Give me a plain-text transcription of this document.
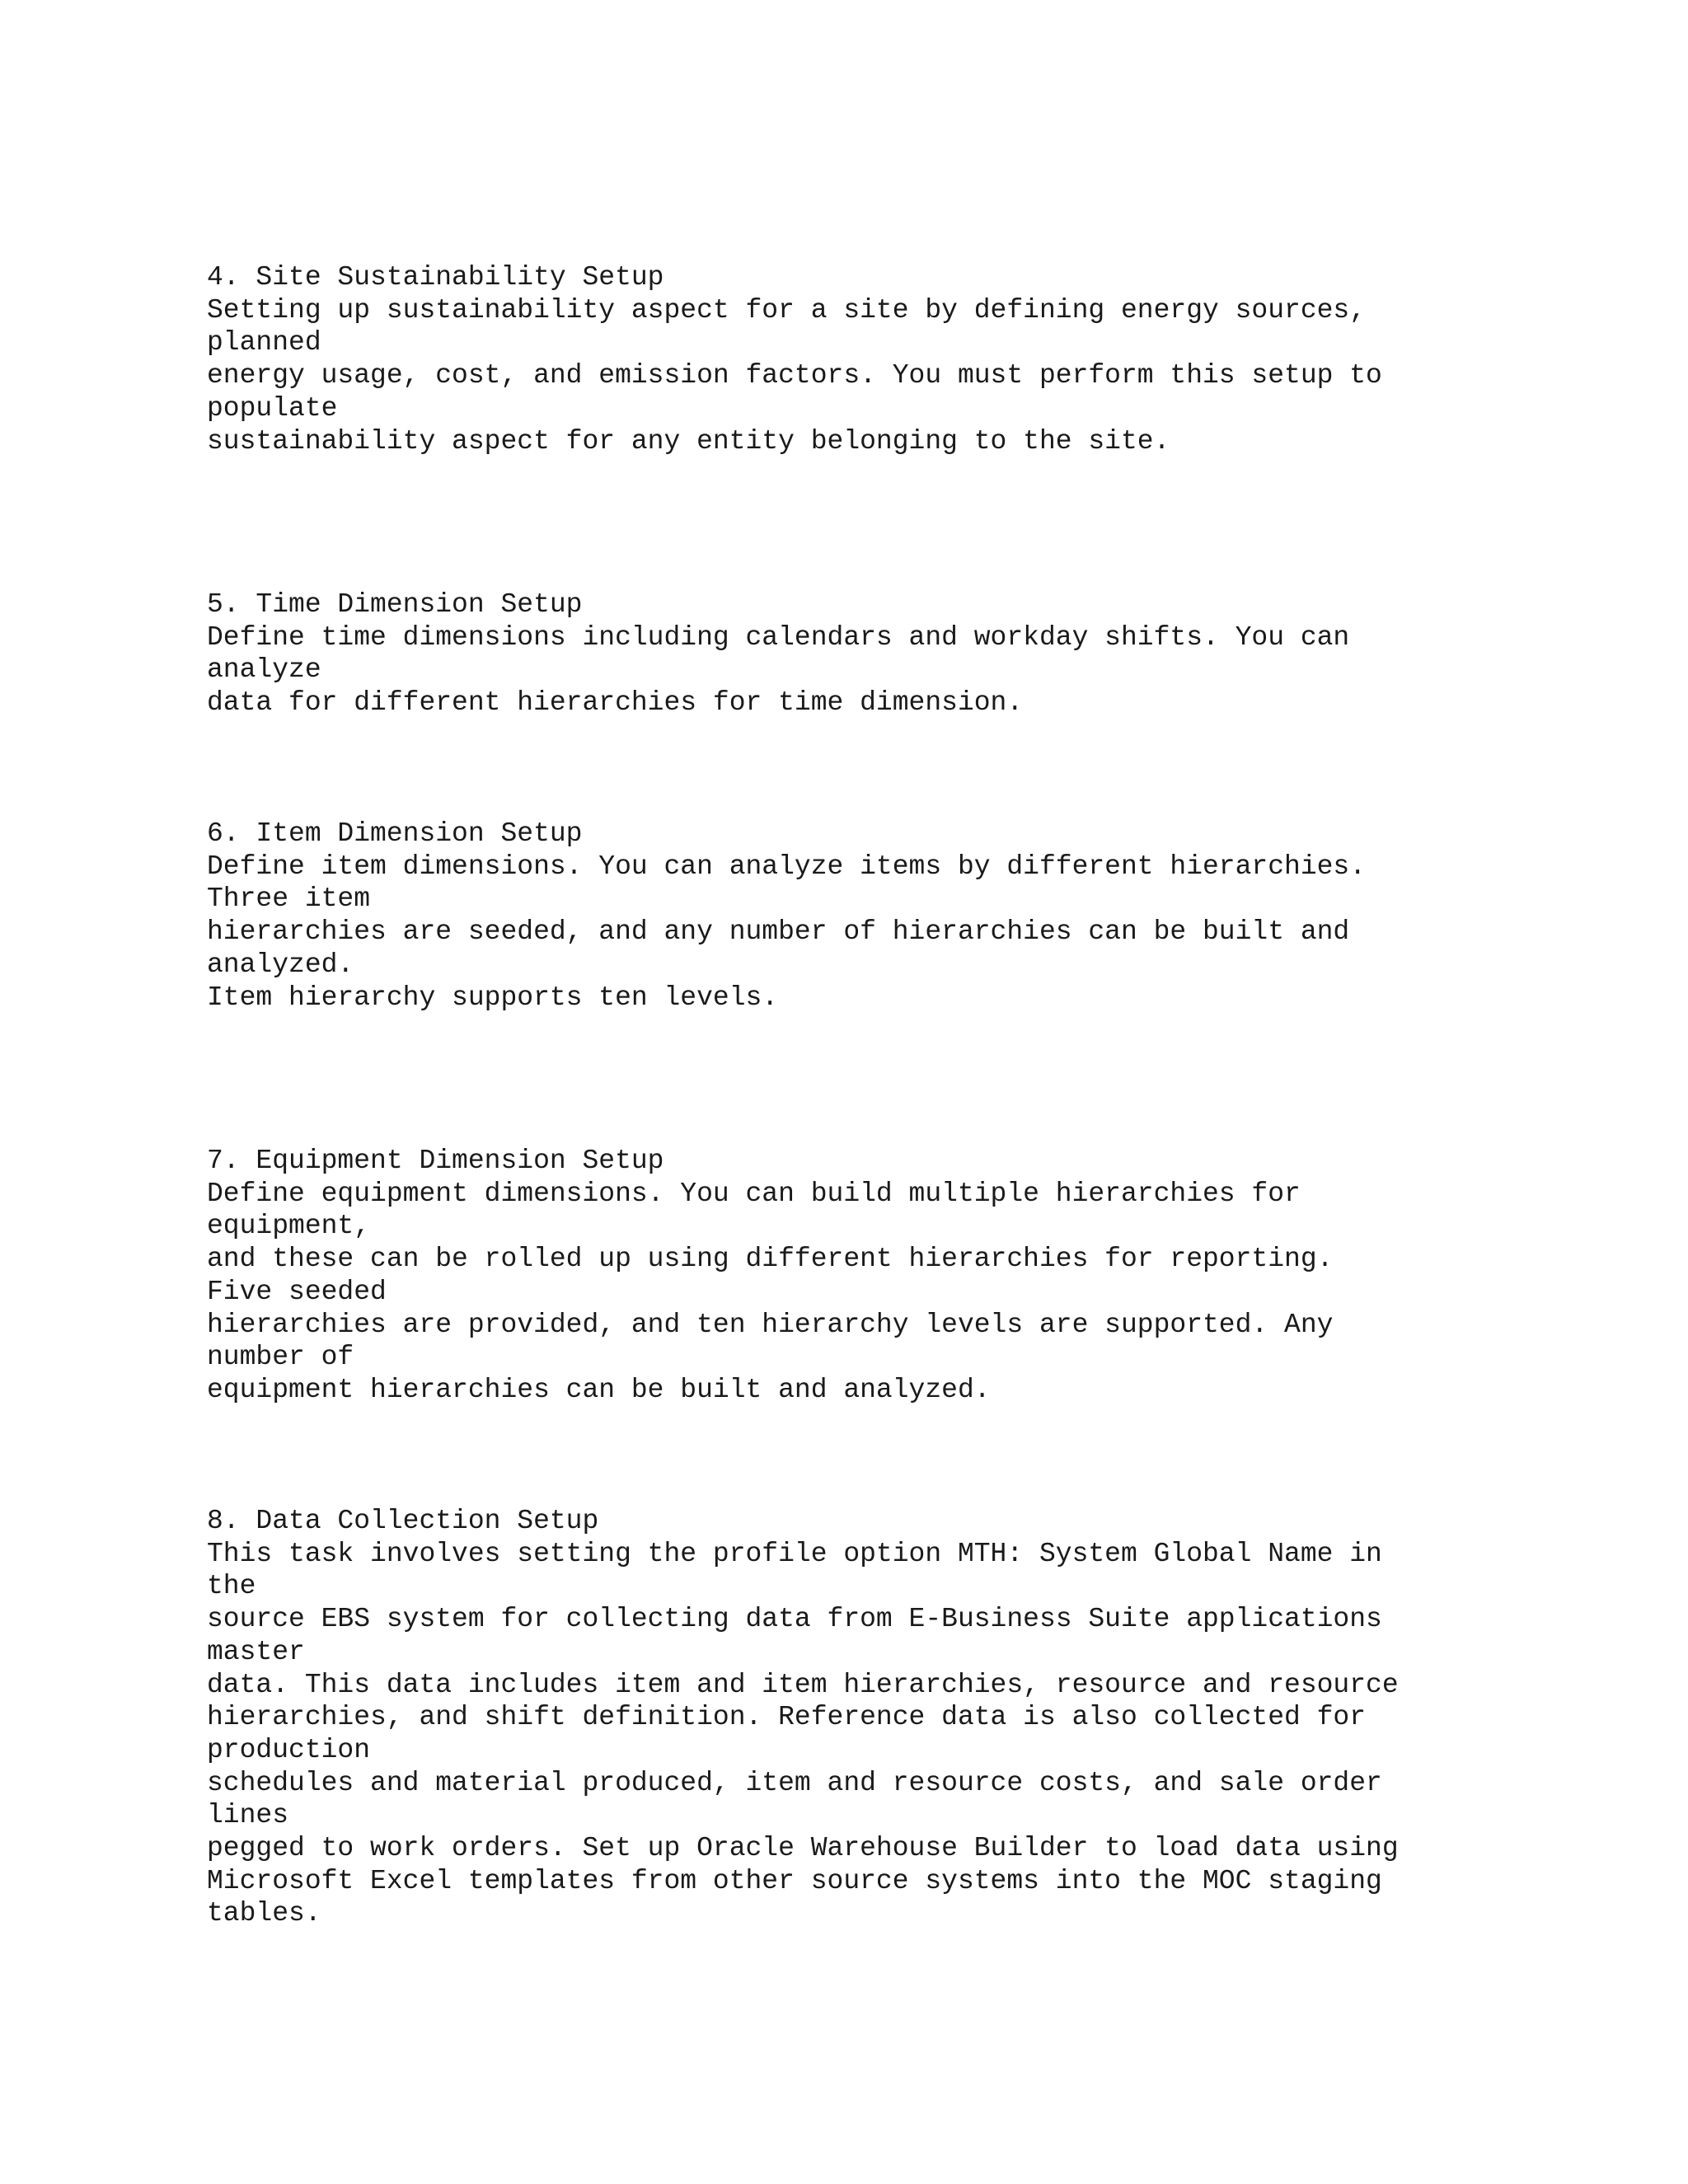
4. Site Sustainability Setup
Setting up sustainability aspect for a site by defining energy sources,
planned
energy usage, cost, and emission factors. You must perform this setup to
populate
sustainability aspect for any entity belonging to the site.
5. Time Dimension Setup
Define time dimensions including calendars and workday shifts. You can
analyze
data for different hierarchies for time dimension.
6. Item Dimension Setup
Define item dimensions. You can analyze items by different hierarchies.
Three item
hierarchies are seeded, and any number of hierarchies can be built and
analyzed.
Item hierarchy supports ten levels.
7. Equipment Dimension Setup
Define equipment dimensions. You can build multiple hierarchies for
equipment,
and these can be rolled up using different hierarchies for reporting.
Five seeded
hierarchies are provided, and ten hierarchy levels are supported. Any
number of
equipment hierarchies can be built and analyzed.
8. Data Collection Setup
This task involves setting the profile option MTH: System Global Name in
the
source EBS system for collecting data from E-Business Suite applications
master
data. This data includes item and item hierarchies, resource and resource
hierarchies, and shift definition. Reference data is also collected for
production
schedules and material produced, item and resource costs, and sale order
lines
pegged to work orders. Set up Oracle Warehouse Builder to load data using
Microsoft Excel templates from other source systems into the MOC staging
tables.
